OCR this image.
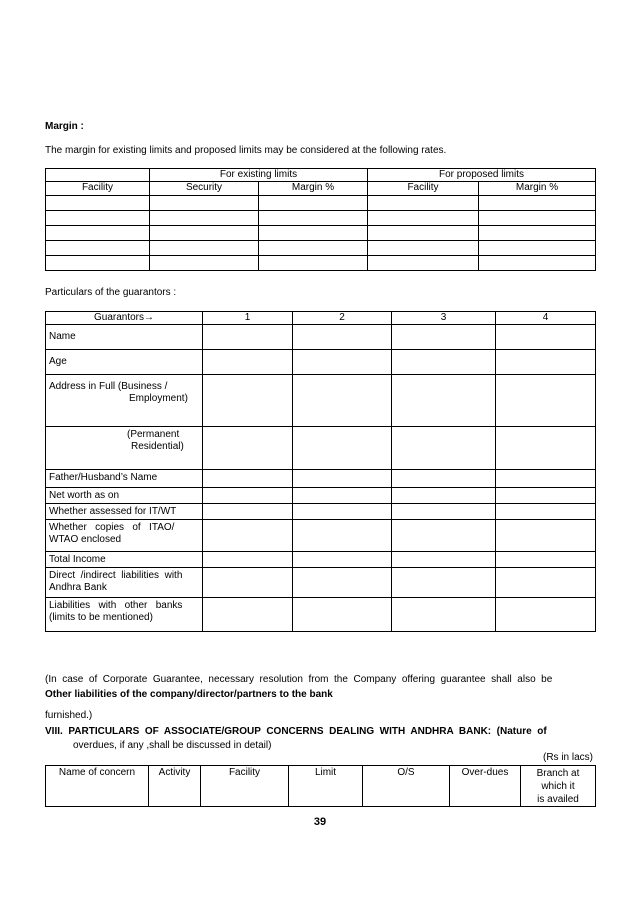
Margin :
The margin for existing limits and proposed limits may be considered at the following rates.
	For existing limits		For proposed limits	
Facility	Security	Margin %	Facility	Margin %

Particulars of the guarantors :
Guarantors→	1	2	3	4
Name				
Age				

Address in Full (Business /
Employment)				

(Permanent
Residential)				

Father/Husband’s Name				
Net worth as on				
Whether assessed for IT/WT				

Whether   copies   of   ITAO/
WTAO enclosed				

Total Income				

Direct  /indirect  liabilities  with
Andhra Bank				

Liabilities   with   other   banks
(limits to be mentioned)				

(In  case  of  Corporate  Guarantee,  necessary  resolution  from  the  Company  offering  guarantee  shall  also  be

furnished.)

Other liabilities of the company/director/partners to the bank
VIII.  PARTICULARS  OF  ASSOCIATE/GROUP  CONCERNS  DEALING  WITH  ANDHRA  BANK:  (Nature  of
overdues, if any ,shall be discussed in detail)
(Rs in lacs)
Name of concern	Activity	Facility	Limit	O/S	Over-dues	Branch at which it
is availed
39
